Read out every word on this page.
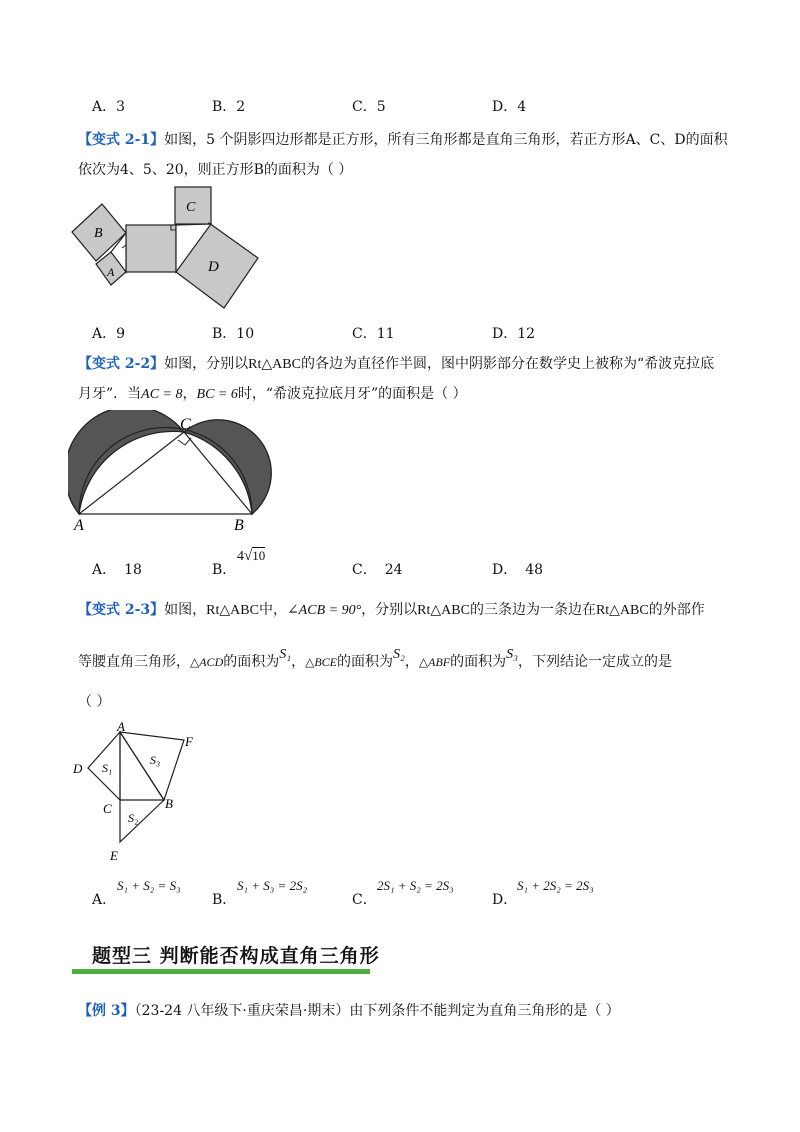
A．3	B．2	C．5	D．4
【变式 2-1】如图，5 个阴影四边形都是正方形，所有三角形都是直角三角形，若正方形A、C、D的面积
依次为4、5、20，则正方形B的面积为（ ）
B
A
C
D
A．9	B．10	C．11	D．12
【变式 2-2】如图，分别以Rt△ABC的各边为直径作半圆，图中阴影部分在数学史上被称为“希波克拉底
月牙”．当AC = 8，BC = 6时，“希波克拉底月牙”的面积是（ ）
A	B
C
A． 18	B．
4√10
C． 24	D． 48
【变式 2-3】如图，Rt△ABC中，∠ACB = 90°，分别以Rt△ABC的三条边为一条边在Rt△ABC的外部作
等腰直角三角形，△ACD的面积为S₁，△BCE的面积为S₂，△ABF的面积为S₃，下列结论一定成立的是
（ ）
A
D
C	B
F
E
S₁
S₂
S₃
A．
S₁ + S₂ = S₃
B．
S₁ + S₃ = 2S₂
C．
2S₁ + S₂ = 2S₃
D．
S₁ + 2S₂ = 2S₃
题型三 判断能否构成直角三角形
【例 3】（23-24 八年级下·重庆荣昌·期末）由下列条件不能判定为直角三角形的是（ ）
